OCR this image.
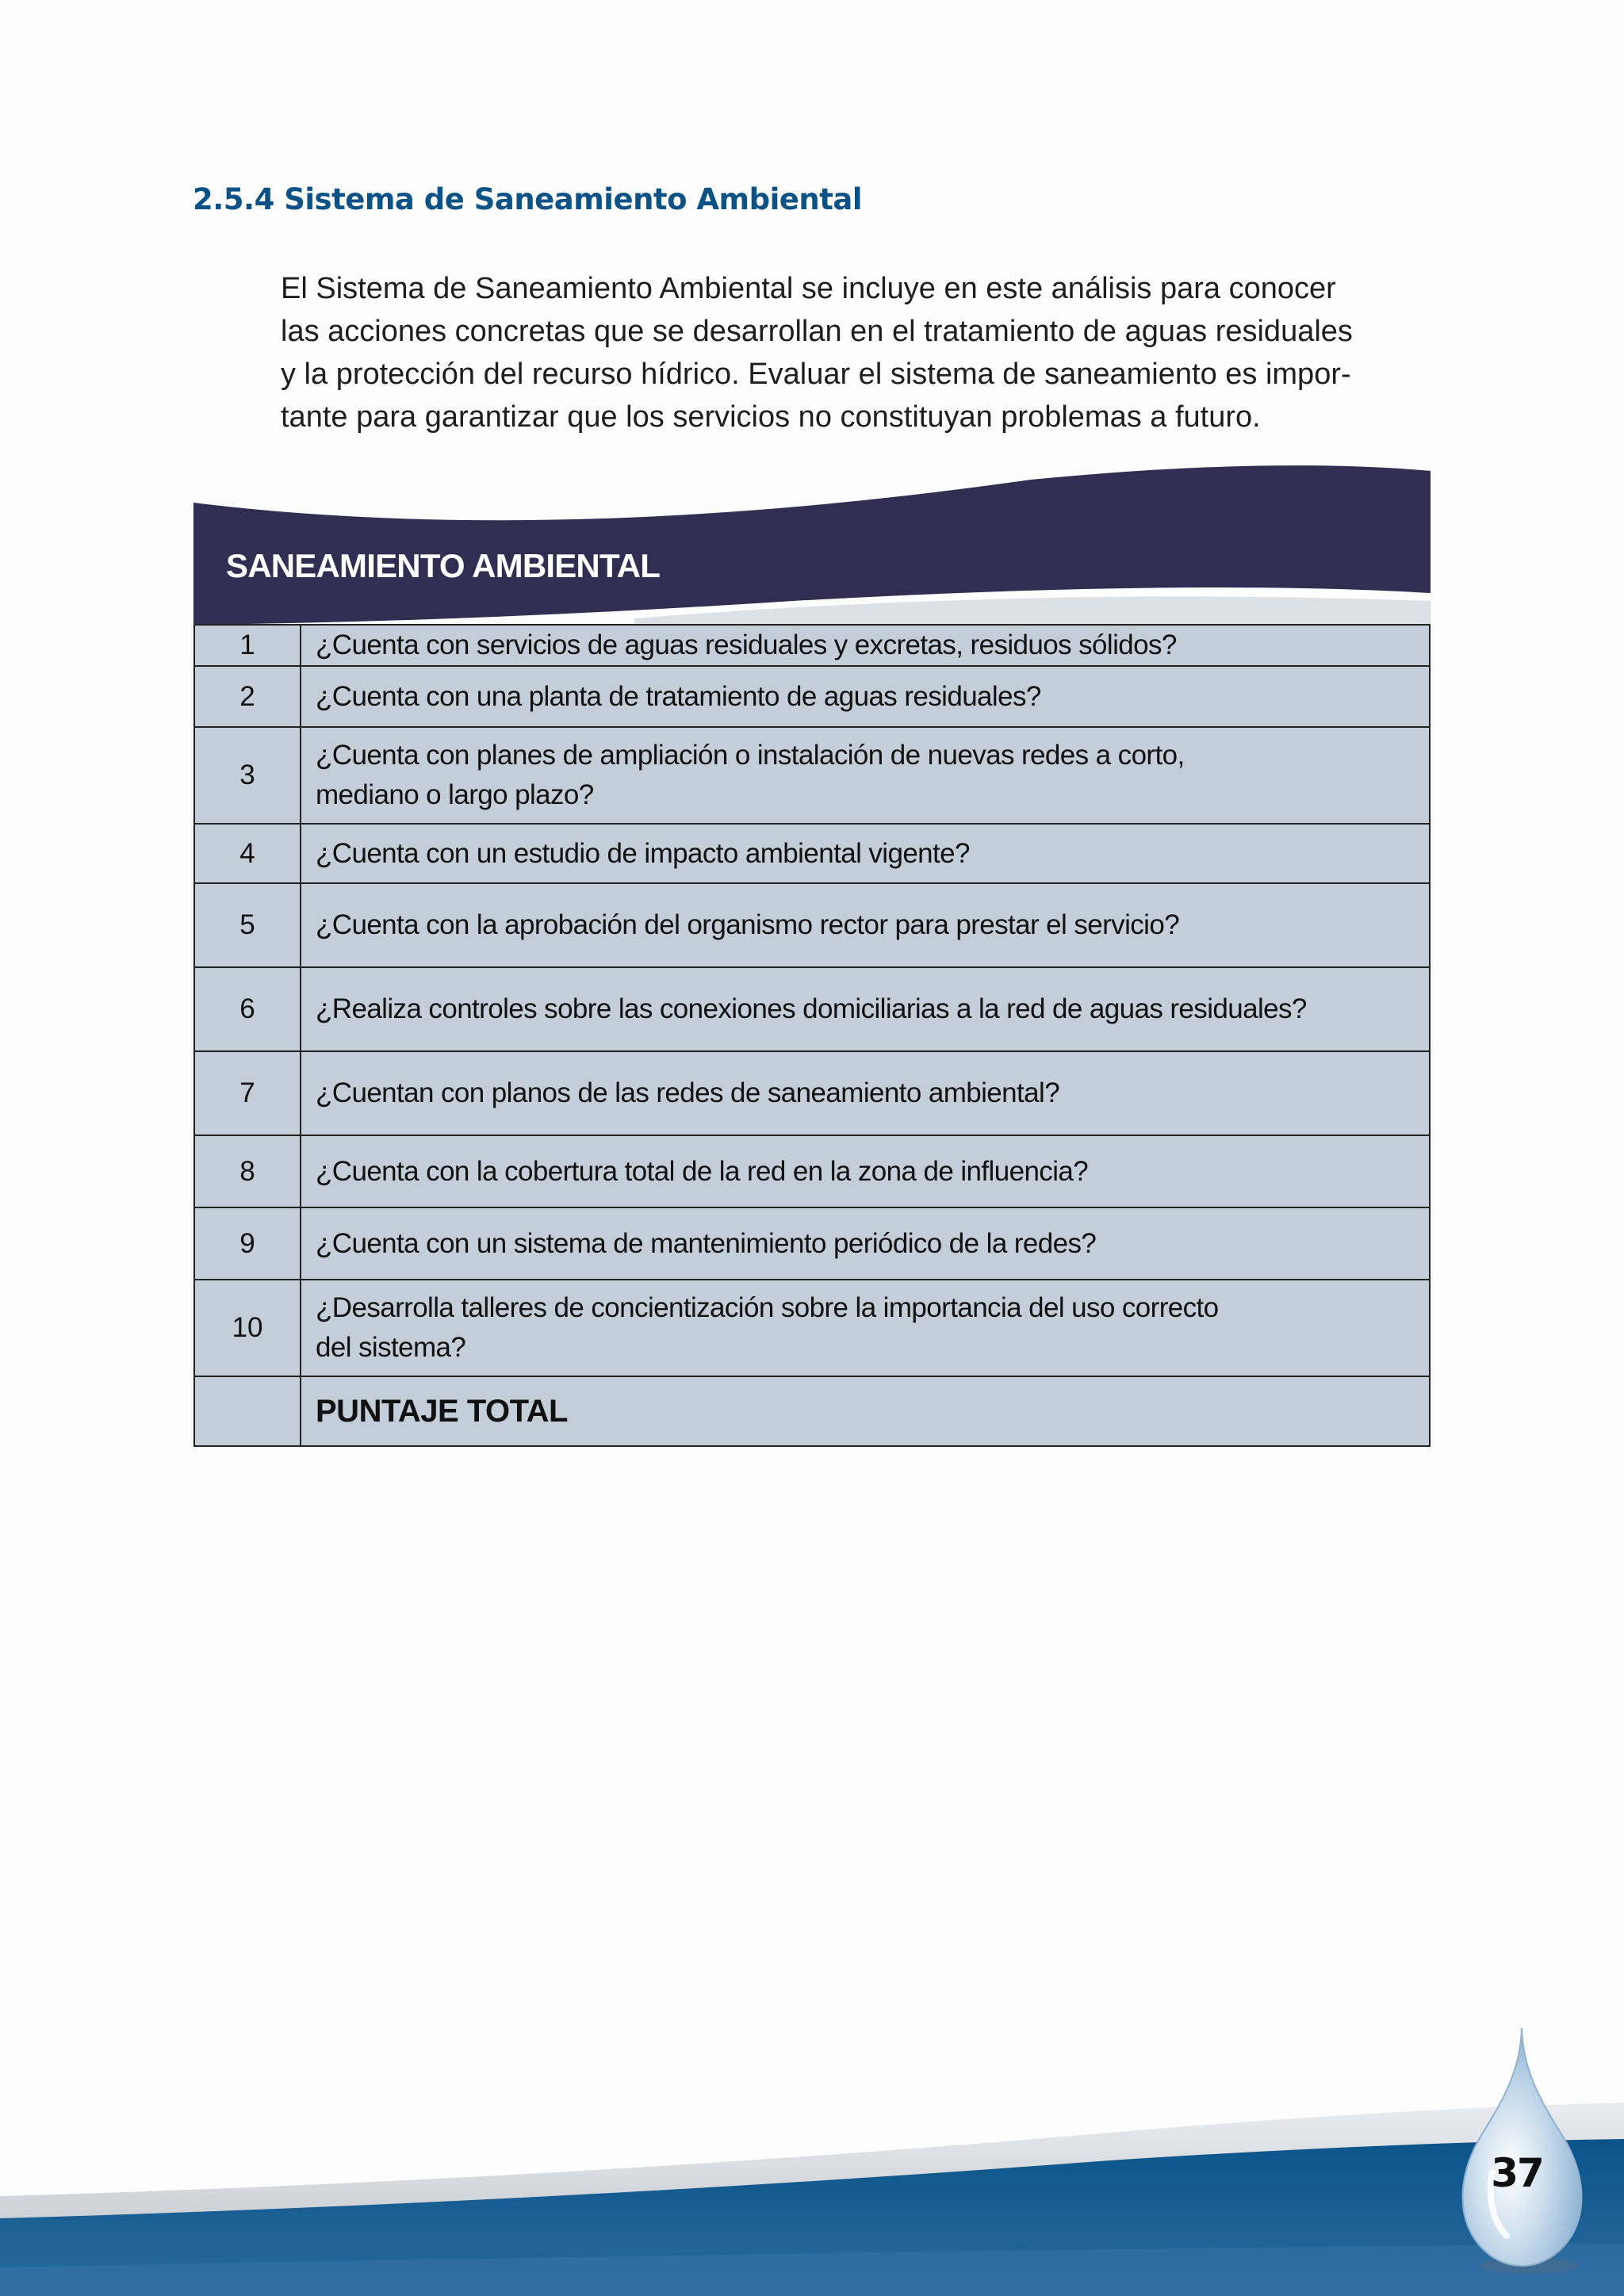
2.5.4 Sistema de Saneamiento Ambiental
El Sistema de Saneamiento Ambiental se incluye en este análisis para conocer
las acciones concretas que se desarrollan en el tratamiento de aguas residuales
y la protección del recurso hídrico. Evaluar el sistema de saneamiento es impor-
tante para garantizar que los servicios no constituyan problemas a futuro.
SANEAMIENTO AMBIENTAL
1	¿Cuenta con servicios de aguas residuales y excretas, residuos sólidos?

2	¿Cuenta con una planta de tratamiento de aguas residuales?

3	¿Cuenta con planes de ampliación o instalación de nuevas redes a corto,
mediano o largo plazo?

4	¿Cuenta con un estudio de impacto ambiental vigente?

5	¿Cuenta con la aprobación del organismo rector para prestar el servicio?

6	¿Realiza controles sobre las conexiones domiciliarias a la red de aguas residuales?

7	¿Cuentan con planos de las redes de saneamiento ambiental?

8	¿Cuenta con la cobertura total de la red en la zona de influencia?

9	¿Cuenta con un sistema de mantenimiento periódico de la redes?

10	¿Desarrolla talleres de concientización sobre la importancia del uso correcto
del sistema?

	PUNTAJE TOTAL
37
